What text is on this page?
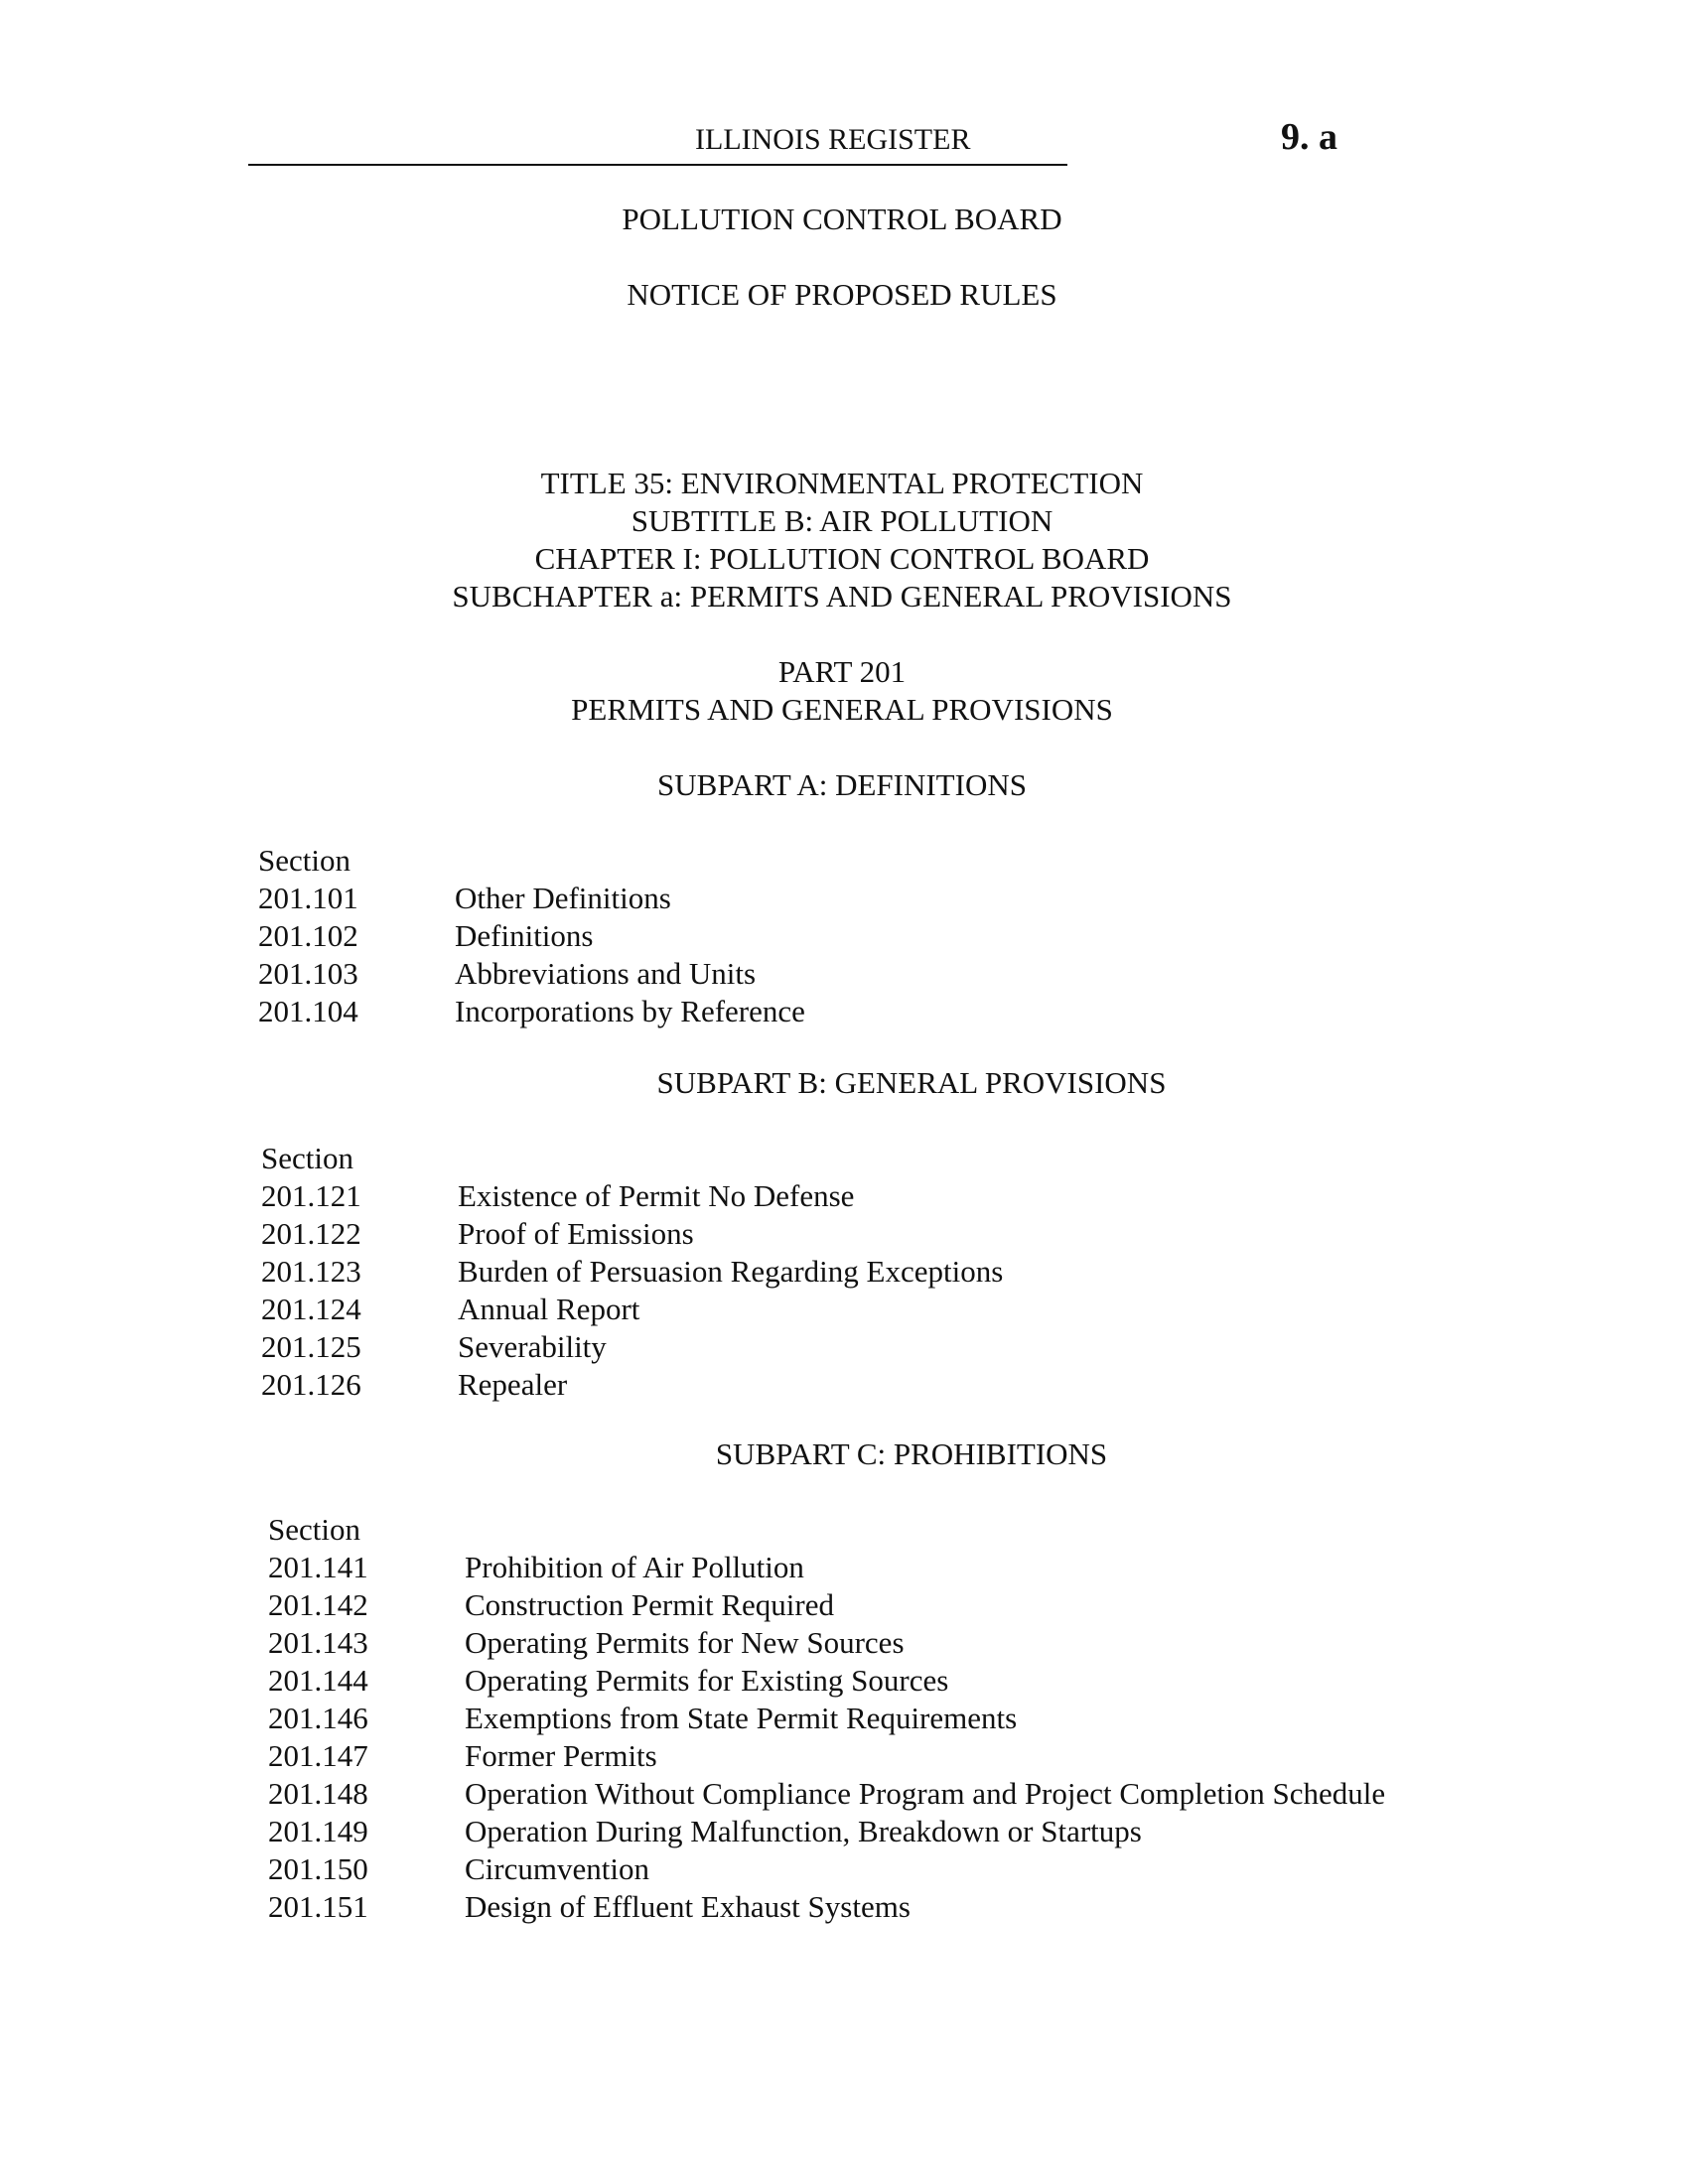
ILLINOIS REGISTER	9. a
POLLUTION CONTROL BOARD
NOTICE OF PROPOSED RULES
TITLE 35: ENVIRONMENTAL PROTECTION
SUBTITLE B: AIR POLLUTION
CHAPTER I: POLLUTION CONTROL BOARD
SUBCHAPTER a: PERMITS AND GENERAL PROVISIONS
PART 201
PERMITS AND GENERAL PROVISIONS
SUBPART A: DEFINITIONS
Section
201.101	Other Definitions
201.102	Definitions
201.103	Abbreviations and Units
201.104	Incorporations by Reference
SUBPART B: GENERAL PROVISIONS
Section
201.121	Existence of Permit No Defense
201.122	Proof of Emissions
201.123	Burden of Persuasion Regarding Exceptions
201.124	Annual Report
201.125	Severability
201.126	Repealer
SUBPART C: PROHIBITIONS
Section
201.141	Prohibition of Air Pollution
201.142	Construction Permit Required
201.143	Operating Permits for New Sources
201.144	Operating Permits for Existing Sources
201.146	Exemptions from State Permit Requirements
201.147	Former Permits
201.148	Operation Without Compliance Program and Project Completion Schedule
201.149	Operation During Malfunction, Breakdown or Startups
201.150	Circumvention
201.151	Design of Effluent Exhaust Systems
